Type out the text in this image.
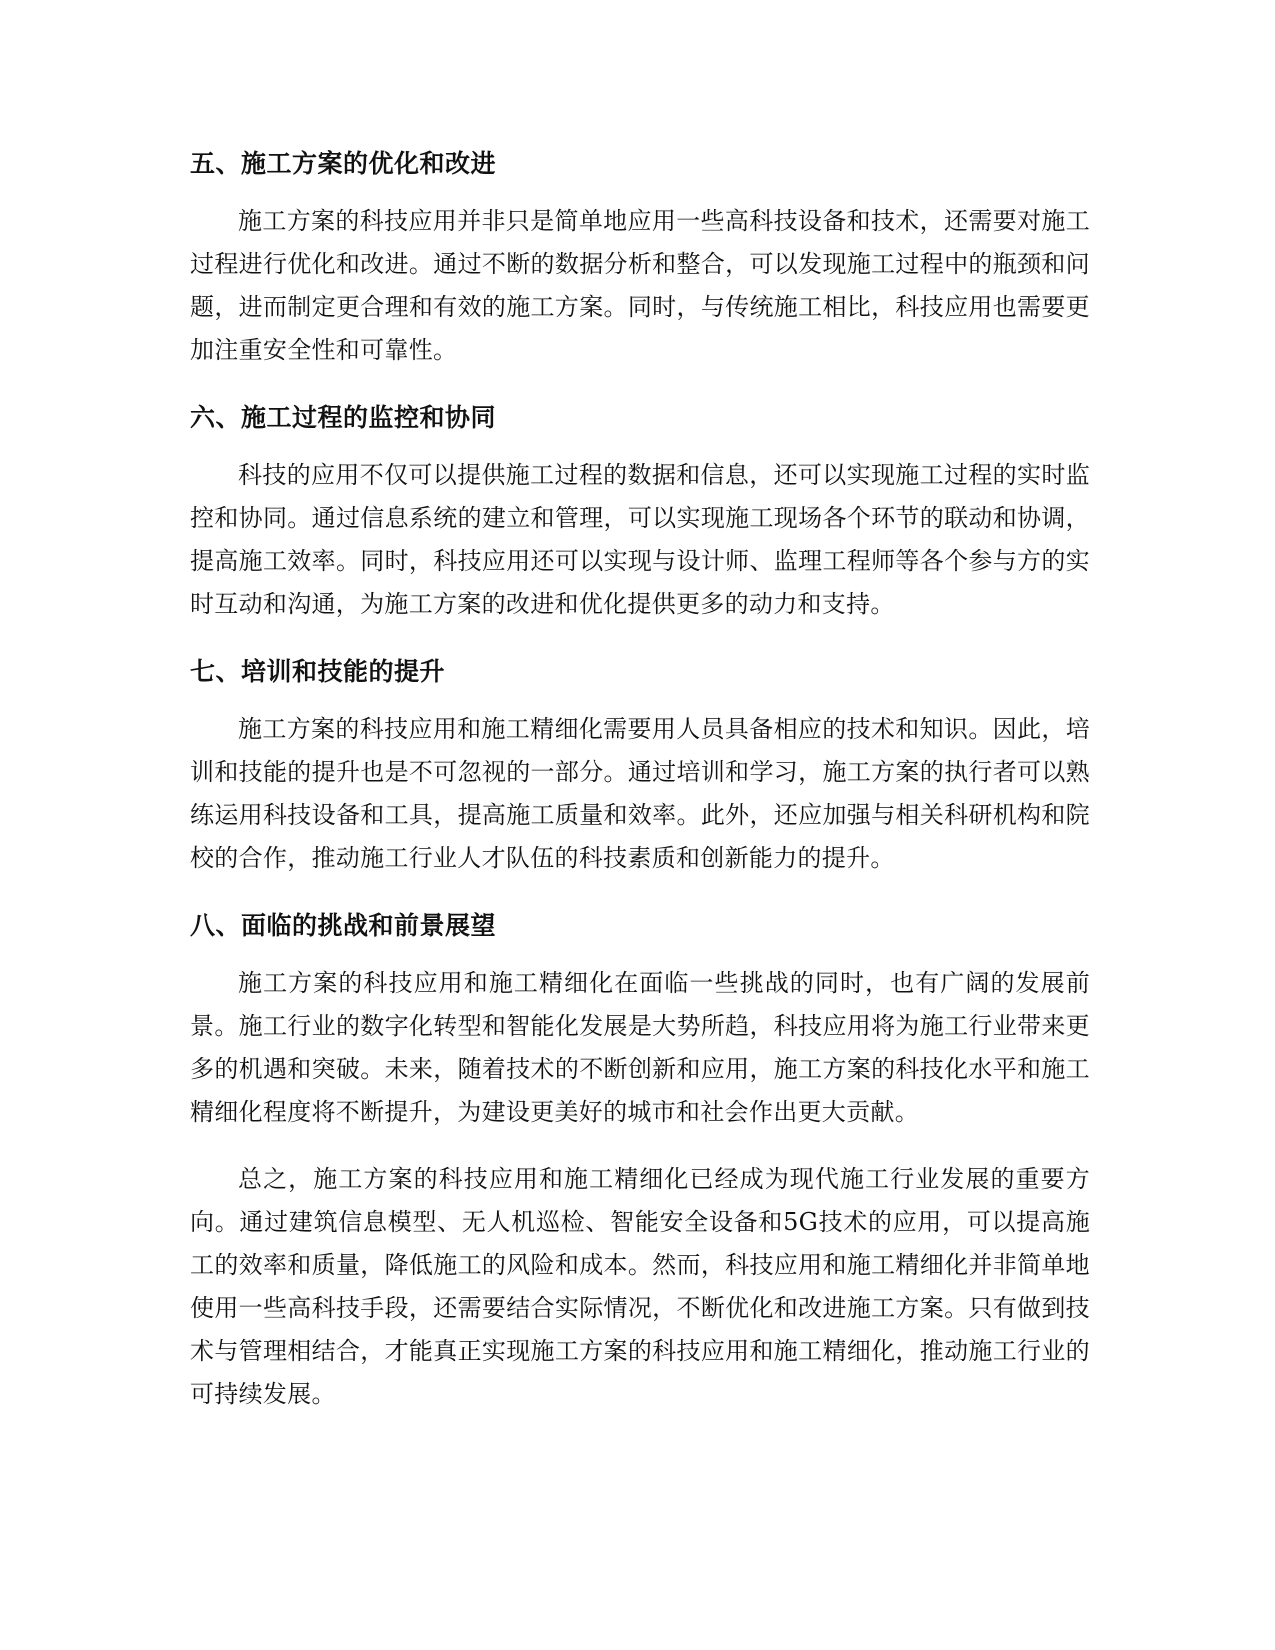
五、施工方案的优化和改进

施工方案的科技应用并非只是简单地应用一些高科技设备和技术，还需要对施工过程进行优化和改进。通过不断的数据分析和整合，可以发现施工过程中的瓶颈和问题，进而制定更合理和有效的施工方案。同时，与传统施工相比，科技应用也需要更加注重安全性和可靠性。

六、施工过程的监控和协同

科技的应用不仅可以提供施工过程的数据和信息，还可以实现施工过程的实时监控和协同。通过信息系统的建立和管理，可以实现施工现场各个环节的联动和协调，提高施工效率。同时，科技应用还可以实现与设计师、监理工程师等各个参与方的实时互动和沟通，为施工方案的改进和优化提供更多的动力和支持。

七、培训和技能的提升

施工方案的科技应用和施工精细化需要用人员具备相应的技术和知识。因此，培训和技能的提升也是不可忽视的一部分。通过培训和学习，施工方案的执行者可以熟练运用科技设备和工具，提高施工质量和效率。此外，还应加强与相关科研机构和院校的合作，推动施工行业人才队伍的科技素质和创新能力的提升。

八、面临的挑战和前景展望

施工方案的科技应用和施工精细化在面临一些挑战的同时，也有广阔的发展前景。施工行业的数字化转型和智能化发展是大势所趋，科技应用将为施工行业带来更多的机遇和突破。未来，随着技术的不断创新和应用，施工方案的科技化水平和施工精细化程度将不断提升，为建设更美好的城市和社会作出更大贡献。

总之，施工方案的科技应用和施工精细化已经成为现代施工行业发展的重要方向。通过建筑信息模型、无人机巡检、智能安全设备和5G技术的应用，可以提高施工的效率和质量，降低施工的风险和成本。然而，科技应用和施工精细化并非简单地使用一些高科技手段，还需要结合实际情况，不断优化和改进施工方案。只有做到技术与管理相结合，才能真正实现施工方案的科技应用和施工精细化，推动施工行业的可持续发展。
